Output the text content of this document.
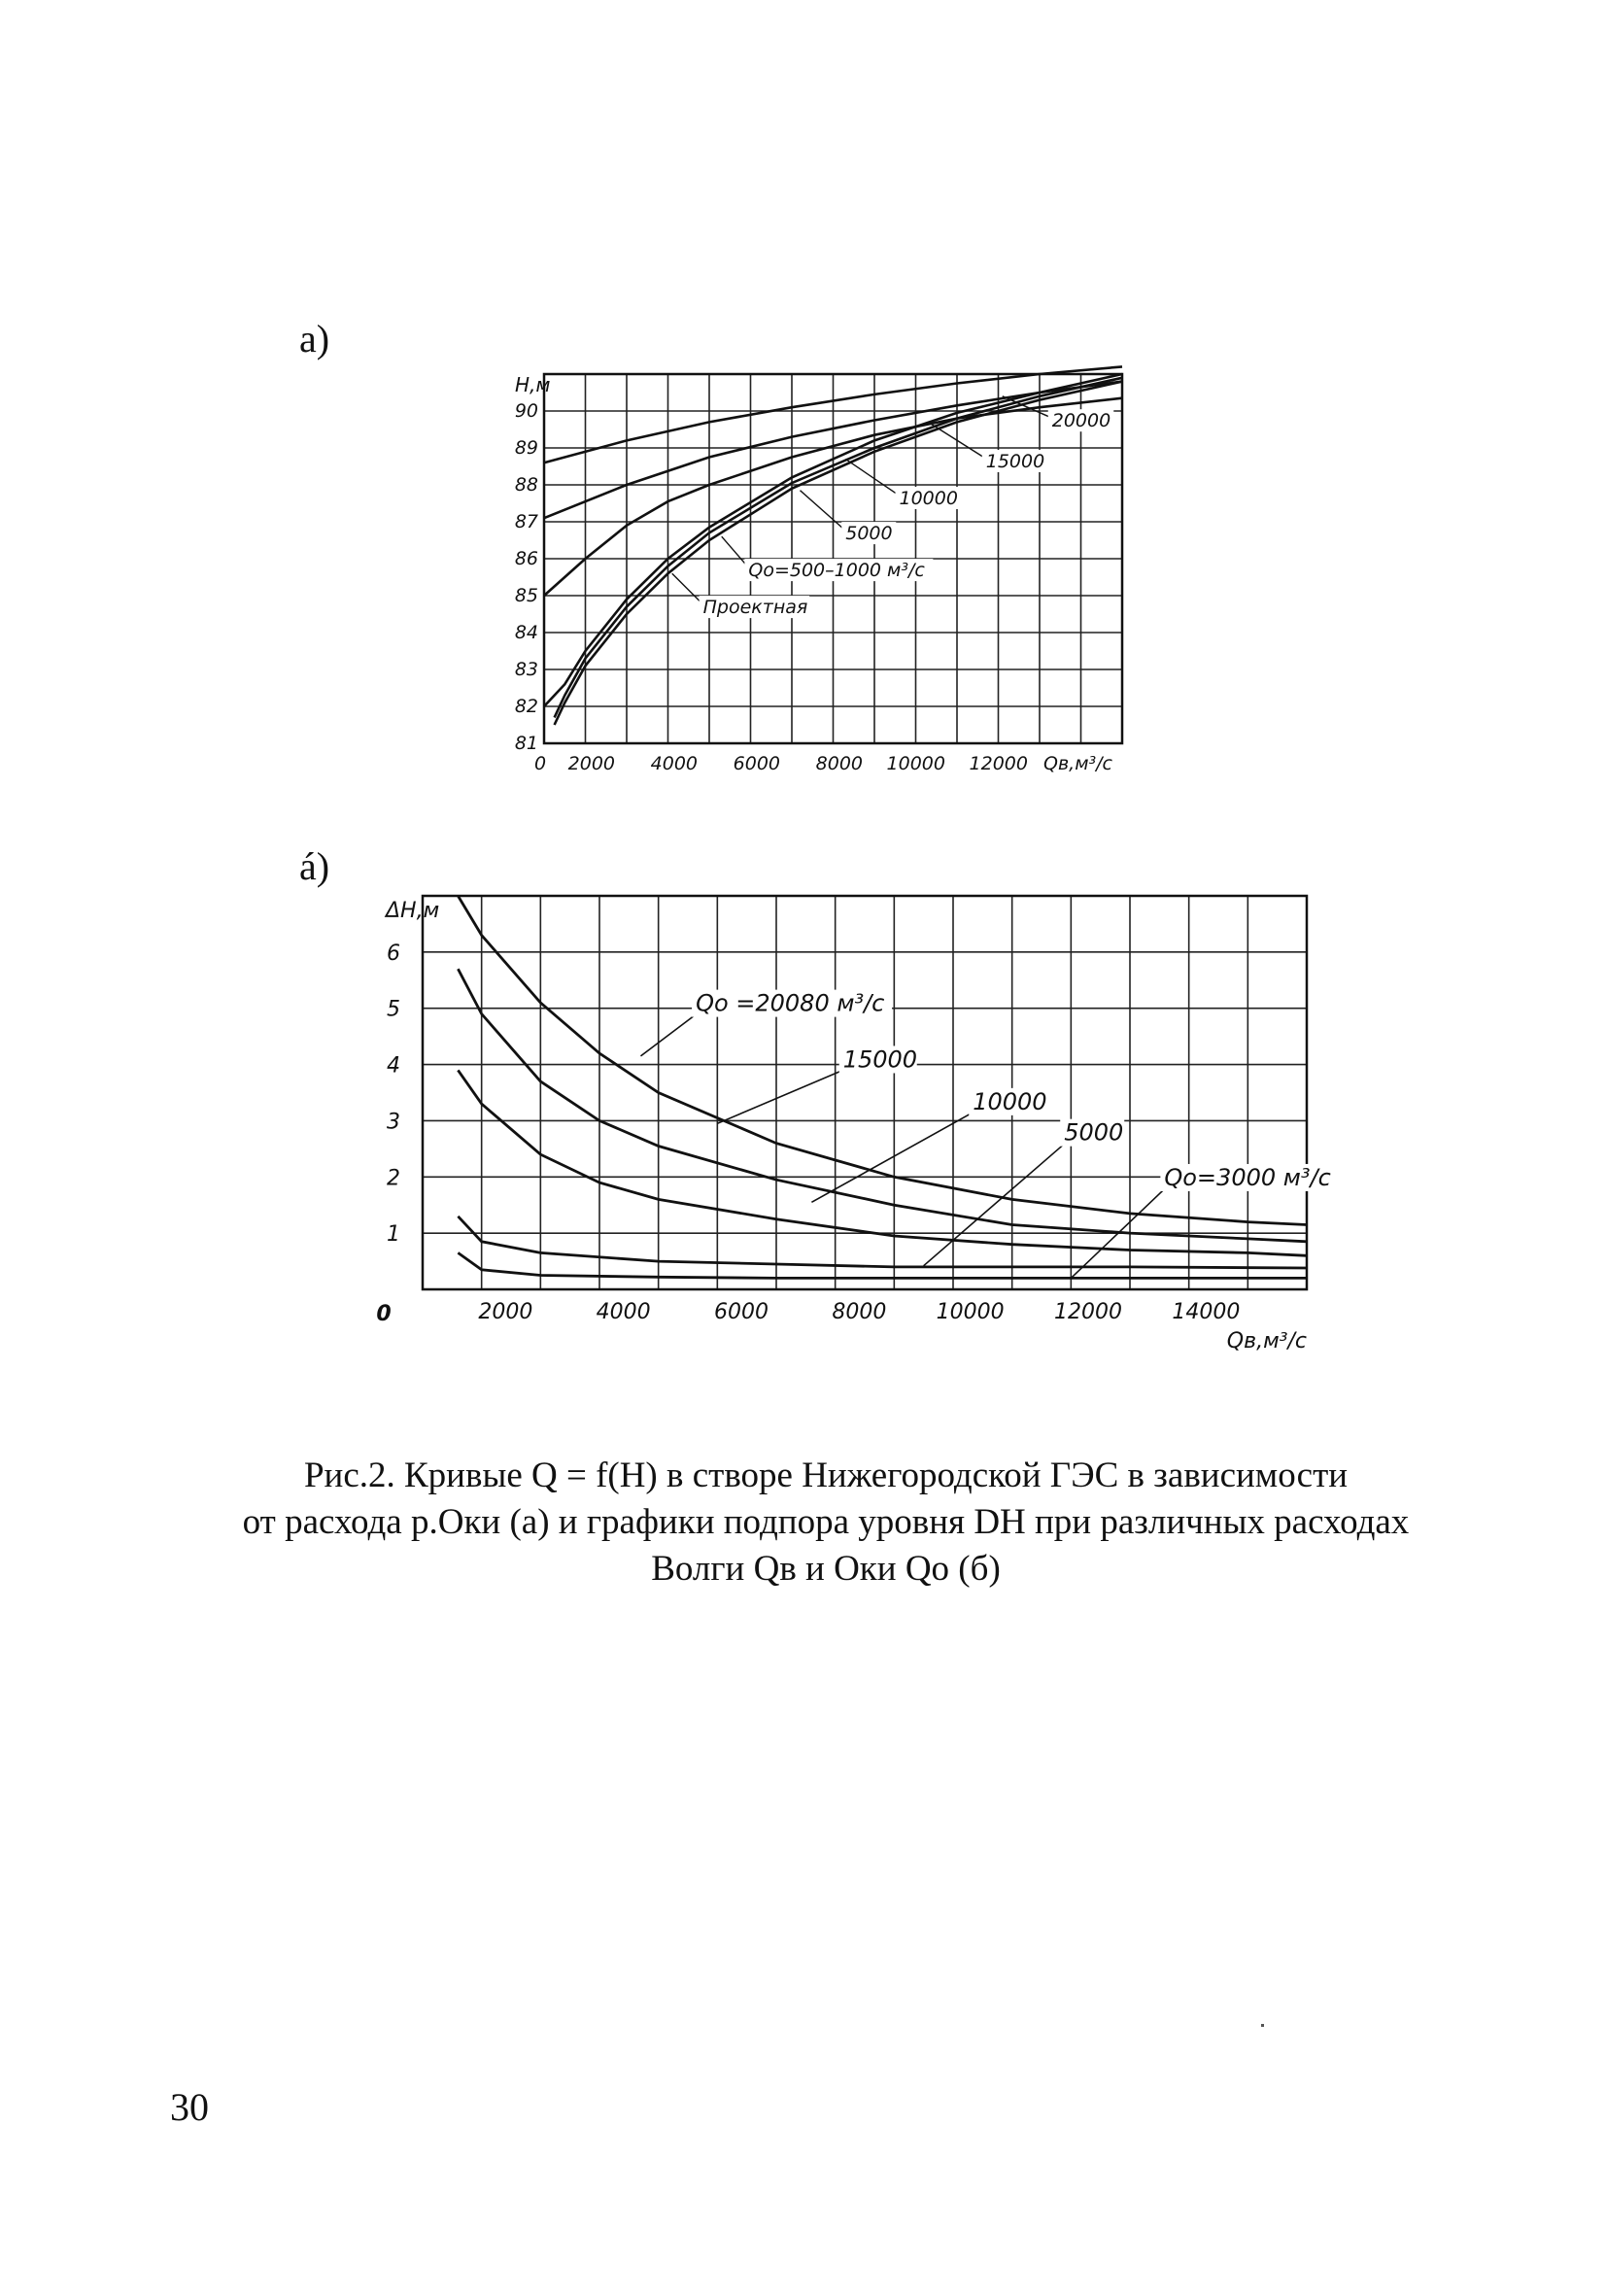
а)
á)
0 2000 4000 6000 8000 10000 12000
81
82
83
84
85
86
87
88
89
90
H,м
Qв,м³/с
20000
15000
10000
5000
Qо=500–1000 м³/с
Проектная
0	2000	4000	6000	8000 10000 12000 14000
1
2
3
4
5
6
ΔH,м
Qв,м³/с
Qо =20080 м³/с
15000
10000
5000
Qо=3000 м³/с
Рис.2. Кривые Q = f(H) в створе Нижегородской ГЭС в зависимости
от расхода р.Оки (а) и графики подпора уровня DH при различных расходах
Волги Qв и Оки Qо (б)
30
